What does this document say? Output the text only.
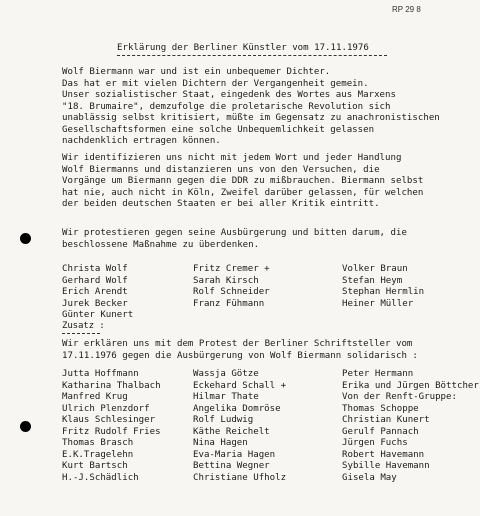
RP 29 8
Erklärung der Berliner Künstler vom 17.11.1976
Wolf Biermann war und ist ein unbequemer Dichter.
Das hat er mit vielen Dichtern der Vergangenheit gemein.
Unser sozialistischer Staat, eingedenk des Wortes aus Marxens
"18. Brumaire", demzufolge die proletarische Revolution sich
unablässig selbst kritisiert, müßte im Gegensatz zu anachronistischen
Gesellschaftsformen eine solche Unbequemlichkeit gelassen
nachdenklich ertragen können.
Wir identifizieren uns nicht mit jedem Wort und jeder Handlung
Wolf Biermanns und distanzieren uns von den Versuchen, die
Vorgänge um Biermann gegen die DDR zu mißbrauchen. Biermann selbst
hat nie, auch nicht in Köln, Zweifel darüber gelassen, für welchen
der beiden deutschen Staaten er bei aller Kritik eintritt.
Wir protestieren gegen seine Ausbürgerung und bitten darum, die
beschlossene Maßnahme zu überdenken.
Christa Wolf
Gerhard Wolf
Erich Arendt
Jurek Becker
Günter Kunert
Fritz Cremer +
Sarah Kirsch
Rolf Schneider
Franz Fühmann
Volker Braun
Stefan Heym
Stephan Hermlin
Heiner Müller
Zusatz :
Wir erklären uns mit dem Protest der Berliner Schriftsteller vom
17.11.1976 gegen die Ausbürgerung von Wolf Biermann solidarisch :
Jutta Hoffmann
Katharina Thalbach
Manfred Krug
Ulrich Plenzdorf
Klaus Schlesinger
Fritz Rudolf Fries
Thomas Brasch
E.K.Tragelehn
Kurt Bartsch
H.-J.Schädlich
Wassja Götze
Eckehard Schall +
Hilmar Thate
Angelika Domröse
Rolf Ludwig
Käthe Reichelt
Nina Hagen
Eva-Maria Hagen
Bettina Wegner
Christiane Ufholz
Peter Hermann
Erika und Jürgen Böttcher
Von der Renft-Gruppe:
Thomas Schoppe
Christian Kunert
Gerulf Pannach
Jürgen Fuchs
Robert Havemann
Sybille Havemann
Gisela May
